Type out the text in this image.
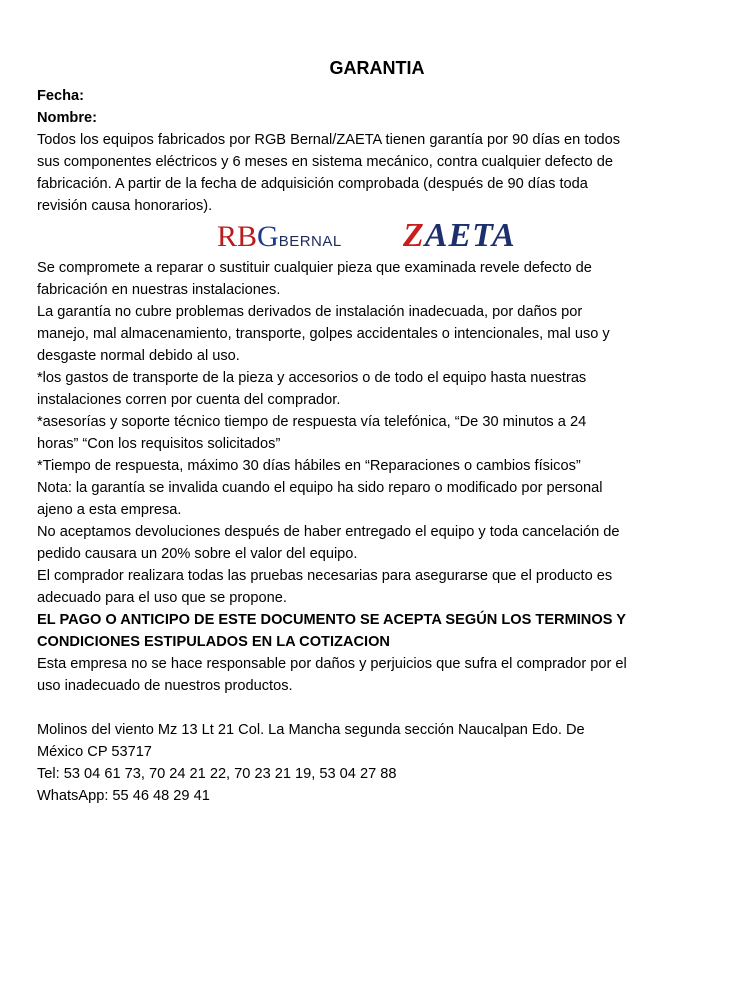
GARANTIA

Fecha:

Nombre:

Todos los equipos fabricados por RGB Bernal/ZAETA tienen garantía por 90 días en todos

sus componentes eléctricos y 6 meses en sistema mecánico, contra cualquier defecto de

fabricación. A partir de la fecha de adquisición comprobada (después de 90 días toda

revisión causa honorarios).

RBGBERNAL ZAETA

Se compromete a reparar o sustituir cualquier pieza que examinada revele defecto de

fabricación en nuestras instalaciones.

La garantía no cubre problemas derivados de instalación inadecuada, por daños por

manejo, mal almacenamiento, transporte, golpes accidentales o intencionales, mal uso y

desgaste normal debido al uso.

*los gastos de transporte de la pieza y accesorios o de todo el equipo hasta nuestras

instalaciones corren por cuenta del comprador.

*asesorías y soporte técnico tiempo de respuesta vía telefónica, “De 30 minutos a 24

horas” “Con los requisitos solicitados”

*Tiempo de respuesta, máximo 30 días hábiles en “Reparaciones o cambios físicos”

Nota: la garantía se invalida cuando el equipo ha sido reparo o modificado por personal

ajeno a esta empresa.

No aceptamos devoluciones después de haber entregado el equipo y toda cancelación de

pedido causara un 20% sobre el valor del equipo.

El comprador realizara todas las pruebas necesarias para asegurarse que el producto es

adecuado para el uso que se propone.

EL PAGO O ANTICIPO DE ESTE DOCUMENTO SE ACEPTA SEGÚN LOS TERMINOS Y

CONDICIONES ESTIPULADOS EN LA COTIZACION

Esta empresa no se hace responsable por daños y perjuicios que sufra el comprador por el

uso inadecuado de nuestros productos.

Molinos del viento Mz 13 Lt 21 Col. La Mancha segunda sección Naucalpan Edo. De

México CP 53717

Tel: 53 04 61 73, 70 24 21 22, 70 23 21 19, 53 04 27 88

WhatsApp: 55 46 48 29 41
